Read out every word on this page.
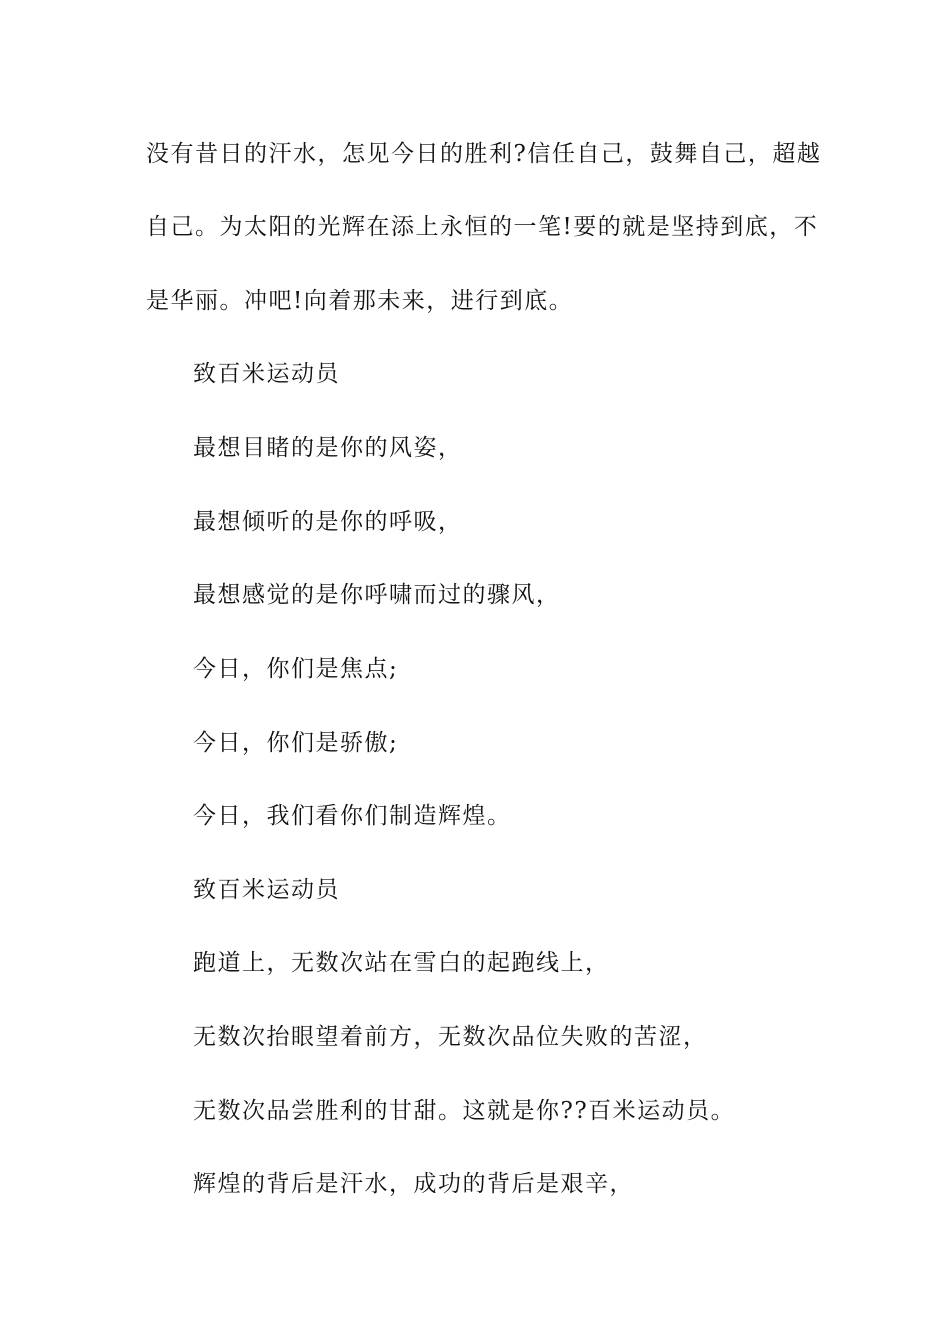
没有昔日的汗水，怎见今日的胜利?信任自己，鼓舞自己，超越
自己。为太阳的光辉在添上永恒的一笔!要的就是坚持到底，不
是华丽。冲吧!向着那未来，进行到底。
致百米运动员
最想目睹的是你的风姿，
最想倾听的是你的呼吸，
最想感觉的是你呼啸而过的骤风，
今日，你们是焦点;
今日，你们是骄傲;
今日，我们看你们制造辉煌。
致百米运动员
跑道上，无数次站在雪白的起跑线上，
无数次抬眼望着前方，无数次品位失败的苦涩，
无数次品尝胜利的甘甜。这就是你??百米运动员。
辉煌的背后是汗水，成功的背后是艰辛，
